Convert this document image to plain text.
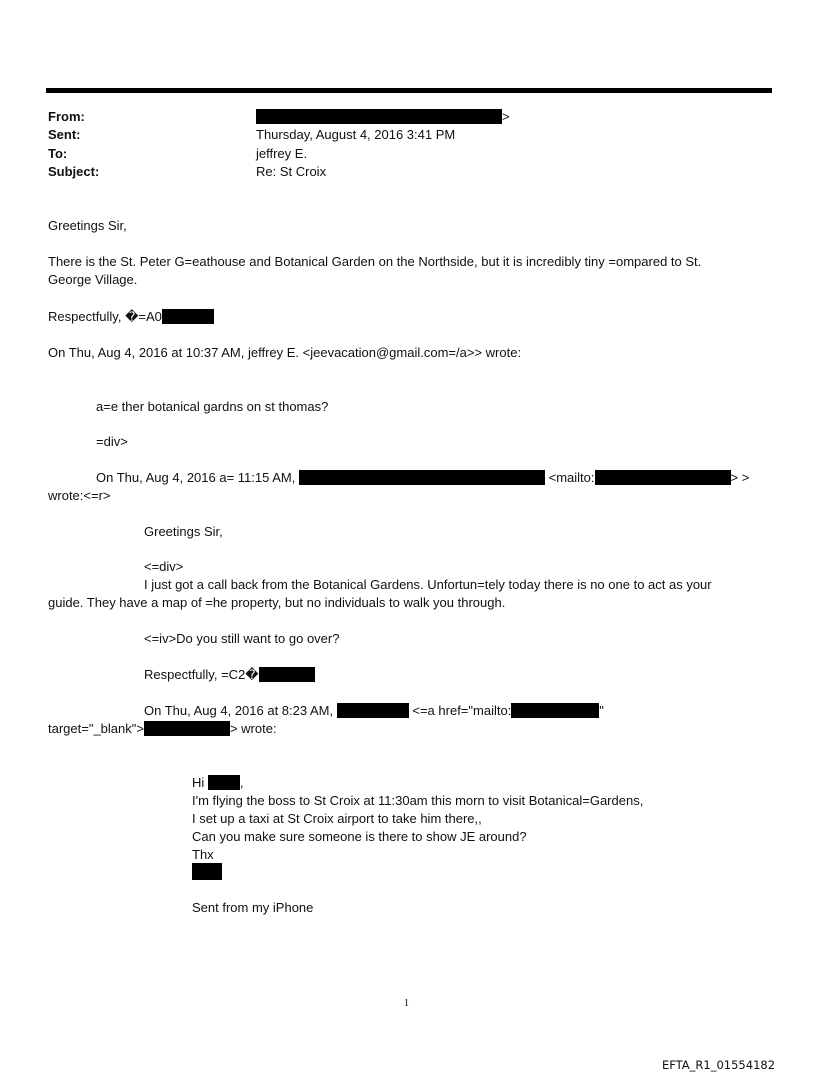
From:	>
Sent:	Thursday, August 4, 2016 3:41 PM
To:	jeffrey E.
Subject:	Re: St Croix
Greetings Sir,
There is the St. Peter G=eathouse and Botanical Garden on the Northside, but it is incredibly tiny =ompared to St.
George Village.
Respectfully, �=A0
On Thu, Aug 4, 2016 at 10:37 AM, jeffrey E. <jeevacation@gmail.com=/a>> wrote:
a=e ther botanical gardns on st thomas?
=div>
On Thu, Aug 4, 2016 a= 11:15 AM,	<mailto:	> >
wrote:<=r>
Greetings Sir,
<=div>
I just got a call back from the Botanical Gardens. Unfortun=tely today there is no one to act as your
guide. They have a map of =he property, but no individuals to walk you through.
<=iv>Do you still want to go over?
Respectfully, =C2�
On Thu, Aug 4, 2016 at 8:23 AM,	<=a href="mailto:	"
target="_blank">	> wrote:
Hi	,
I'm flying the boss to St Croix at 11:30am this morn to visit Botanical=Gardens,
I set up a taxi at St Croix airport to take him there,,
Can you make sure someone is there to show JE around?
Thx
Sent from my iPhone
1
EFTA_R1_01554182
